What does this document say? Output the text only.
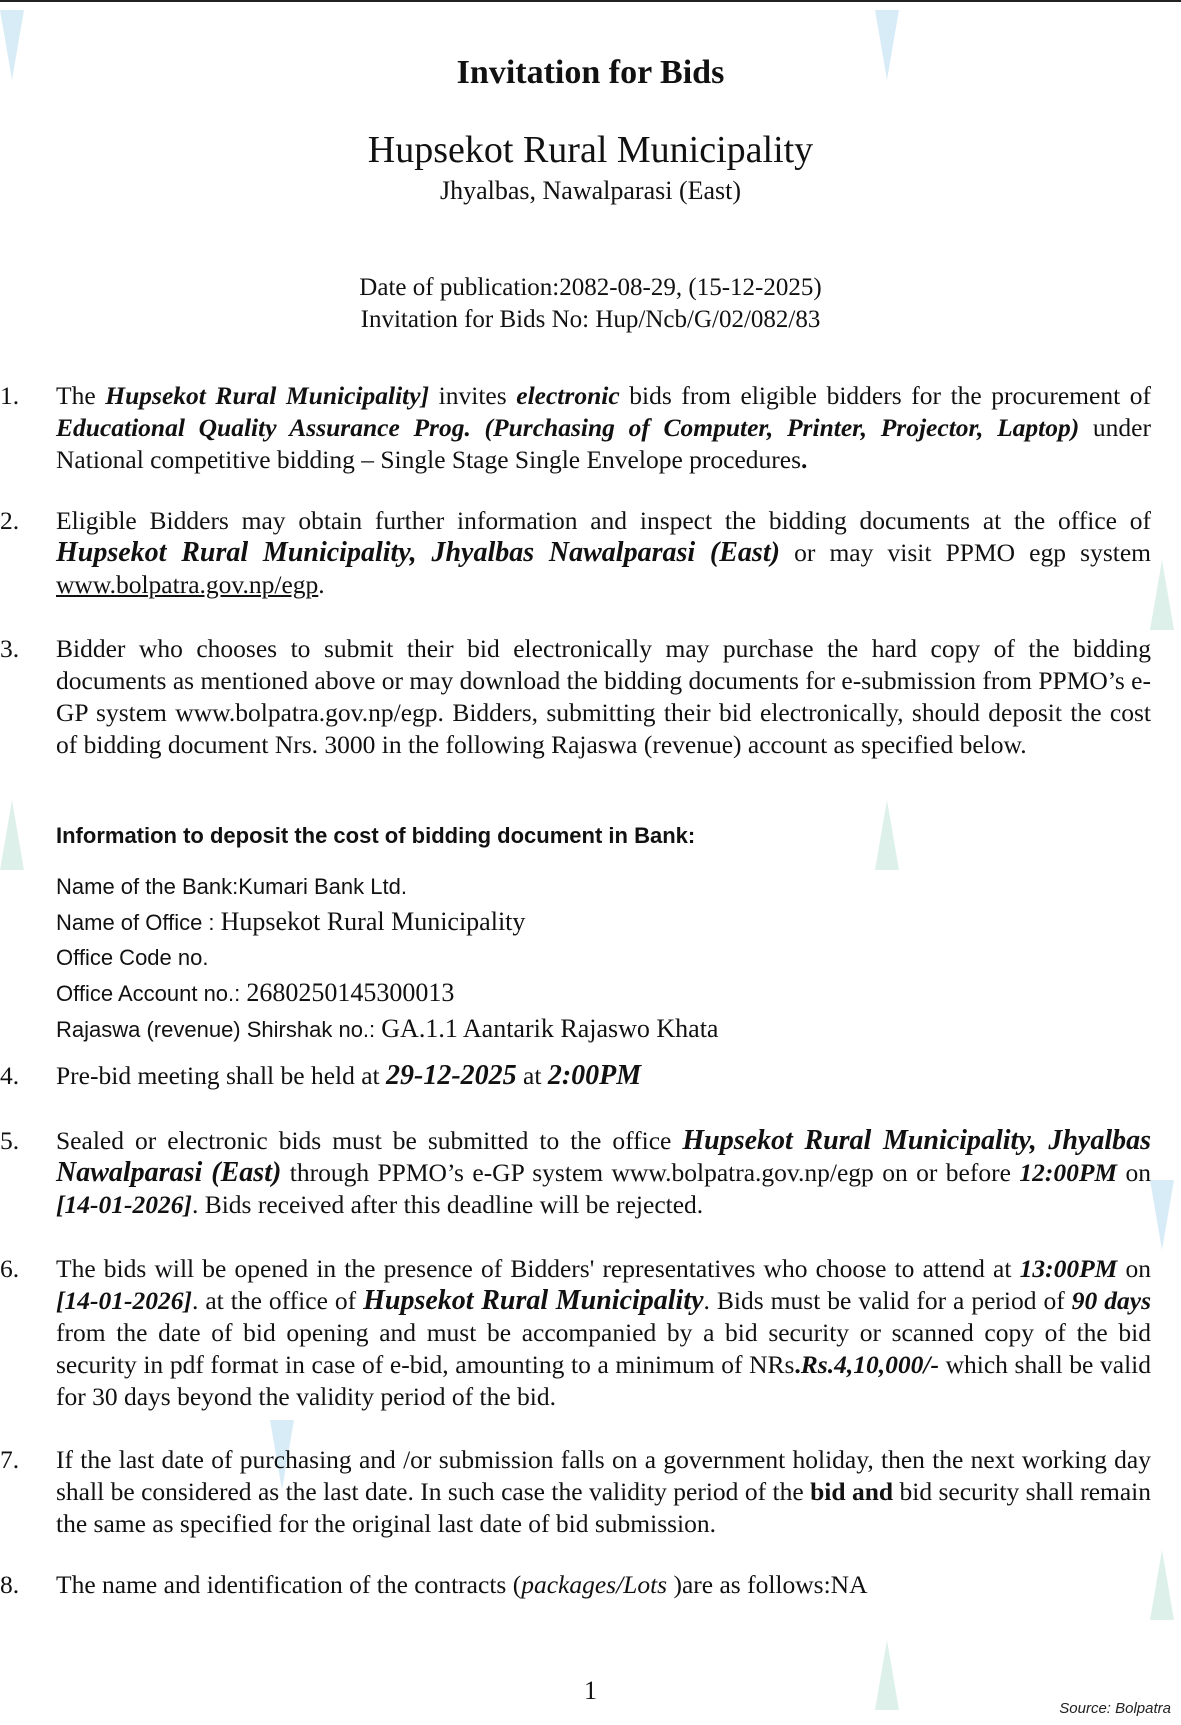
Invitation for Bids
Hupsekot Rural Municipality
Jhyalbas, Nawalparasi (East)
Date of publication:2082-08-29, (15-12-2025)
Invitation for Bids No: Hup/Ncb/G/02/082/83
1.	The Hupsekot Rural Municipality] invites electronic bids from eligible bidders for the procurement of Educational Quality Assurance Prog. (Purchasing of Computer, Printer, Projector, Laptop) under National competitive bidding – Single Stage Single Envelope procedures.
2.	Eligible Bidders may obtain further information and inspect the bidding documents at the office of Hupsekot Rural Municipality, Jhyalbas Nawalparasi (East) or may visit PPMO egp system www.bolpatra.gov.np/egp.
3.	Bidder who chooses to submit their bid electronically may purchase the hard copy of the bidding documents as mentioned above or may download the bidding documents for e-submission from PPMO’s e-GP system www.bolpatra.gov.np/egp. Bidders, submitting their bid electronically, should deposit the cost of bidding document Nrs. 3000 in the following Rajaswa (revenue) account as specified below.
Information to deposit the cost of bidding document in Bank:
Name of the Bank:Kumari Bank Ltd.
Name of Office : Hupsekot Rural Municipality
Office Code no.
Office Account no.: 2680250145300013
Rajaswa (revenue) Shirshak no.: GA.1.1 Aantarik Rajaswo Khata
4.	Pre-bid meeting shall be held at 29-12-2025 at 2:00PM
5.	Sealed or electronic bids must be submitted to the office Hupsekot Rural Municipality, Jhyalbas Nawalparasi (East) through PPMO’s e-GP system www.bolpatra.gov.np/egp on or before 12:00PM on [14-01-2026]. Bids received after this deadline will be rejected.
6.	The bids will be opened in the presence of Bidders' representatives who choose to attend at 13:00PM on [14-01-2026]. at the office of Hupsekot Rural Municipality. Bids must be valid for a period of 90 days from the date of bid opening and must be accompanied by a bid security or scanned copy of the bid security in pdf format in case of e-bid, amounting to a minimum of NRs.Rs.4,10,000/- which shall be valid for 30 days beyond the validity period of the bid.
7.	If the last date of purchasing and /or submission falls on a government holiday, then the next working day shall be considered as the last date. In such case the validity period of the bid and bid security shall remain the same as specified for the original last date of bid submission.
8.	The name and identification of the contracts (packages/Lots )are as follows:NA
1
Source: Bolpatra
